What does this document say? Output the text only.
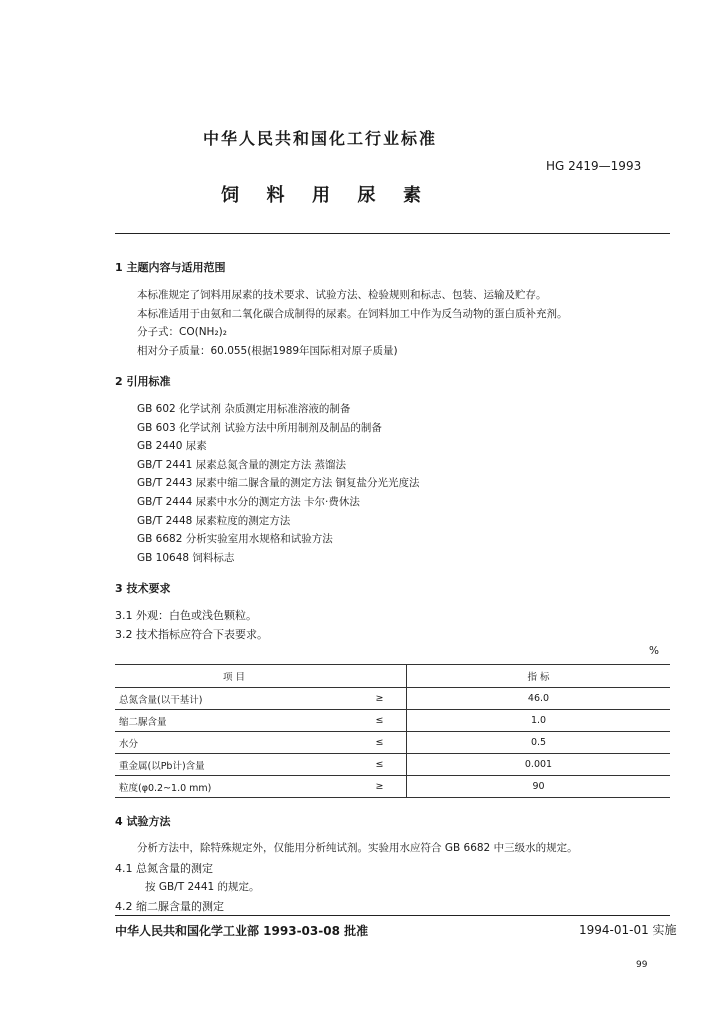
中华人民共和国化工行业标准
HG 2419—1993
饲 料 用 尿 素
1 主题内容与适用范围
本标准规定了饲料用尿素的技术要求、试验方法、检验规则和标志、包装、运输及贮存。
本标准适用于由氨和二氧化碳合成制得的尿素。在饲料加工中作为反刍动物的蛋白质补充剂。
分子式：CO(NH₂)₂
相对分子质量：60.055(根据1989年国际相对原子质量)
2 引用标准
GB 602 化学试剂 杂质测定用标准溶液的制备
GB 603 化学试剂 试验方法中所用制剂及制品的制备
GB 2440 尿素
GB/T 2441 尿素总氮含量的测定方法 蒸馏法
GB/T 2443 尿素中缩二脲含量的测定方法 铜复盐分光光度法
GB/T 2444 尿素中水分的测定方法 卡尔·费休法
GB/T 2448 尿素粒度的测定方法
GB 6682 分析实验室用水规格和试验方法
GB 10648 饲料标志
3 技术要求
3.1 外观：白色或浅色颗粒。
3.2 技术指标应符合下表要求。
%
项 目		指 标
总氮含量(以干基计)	≥	46.0
缩二脲含量	≤	1.0
水分	≤	0.5
重金属(以Pb计)含量	≤	0.001
粒度(φ0.2~1.0 mm)	≥	90
4 试验方法
分析方法中，除特殊规定外，仅能用分析纯试剂。实验用水应符合 GB 6682 中三级水的规定。
4.1 总氮含量的测定
按 GB/T 2441 的规定。
4.2 缩二脲含量的测定
中华人民共和国化学工业部 1993-03-08 批准	1994-01-01 实施
99
